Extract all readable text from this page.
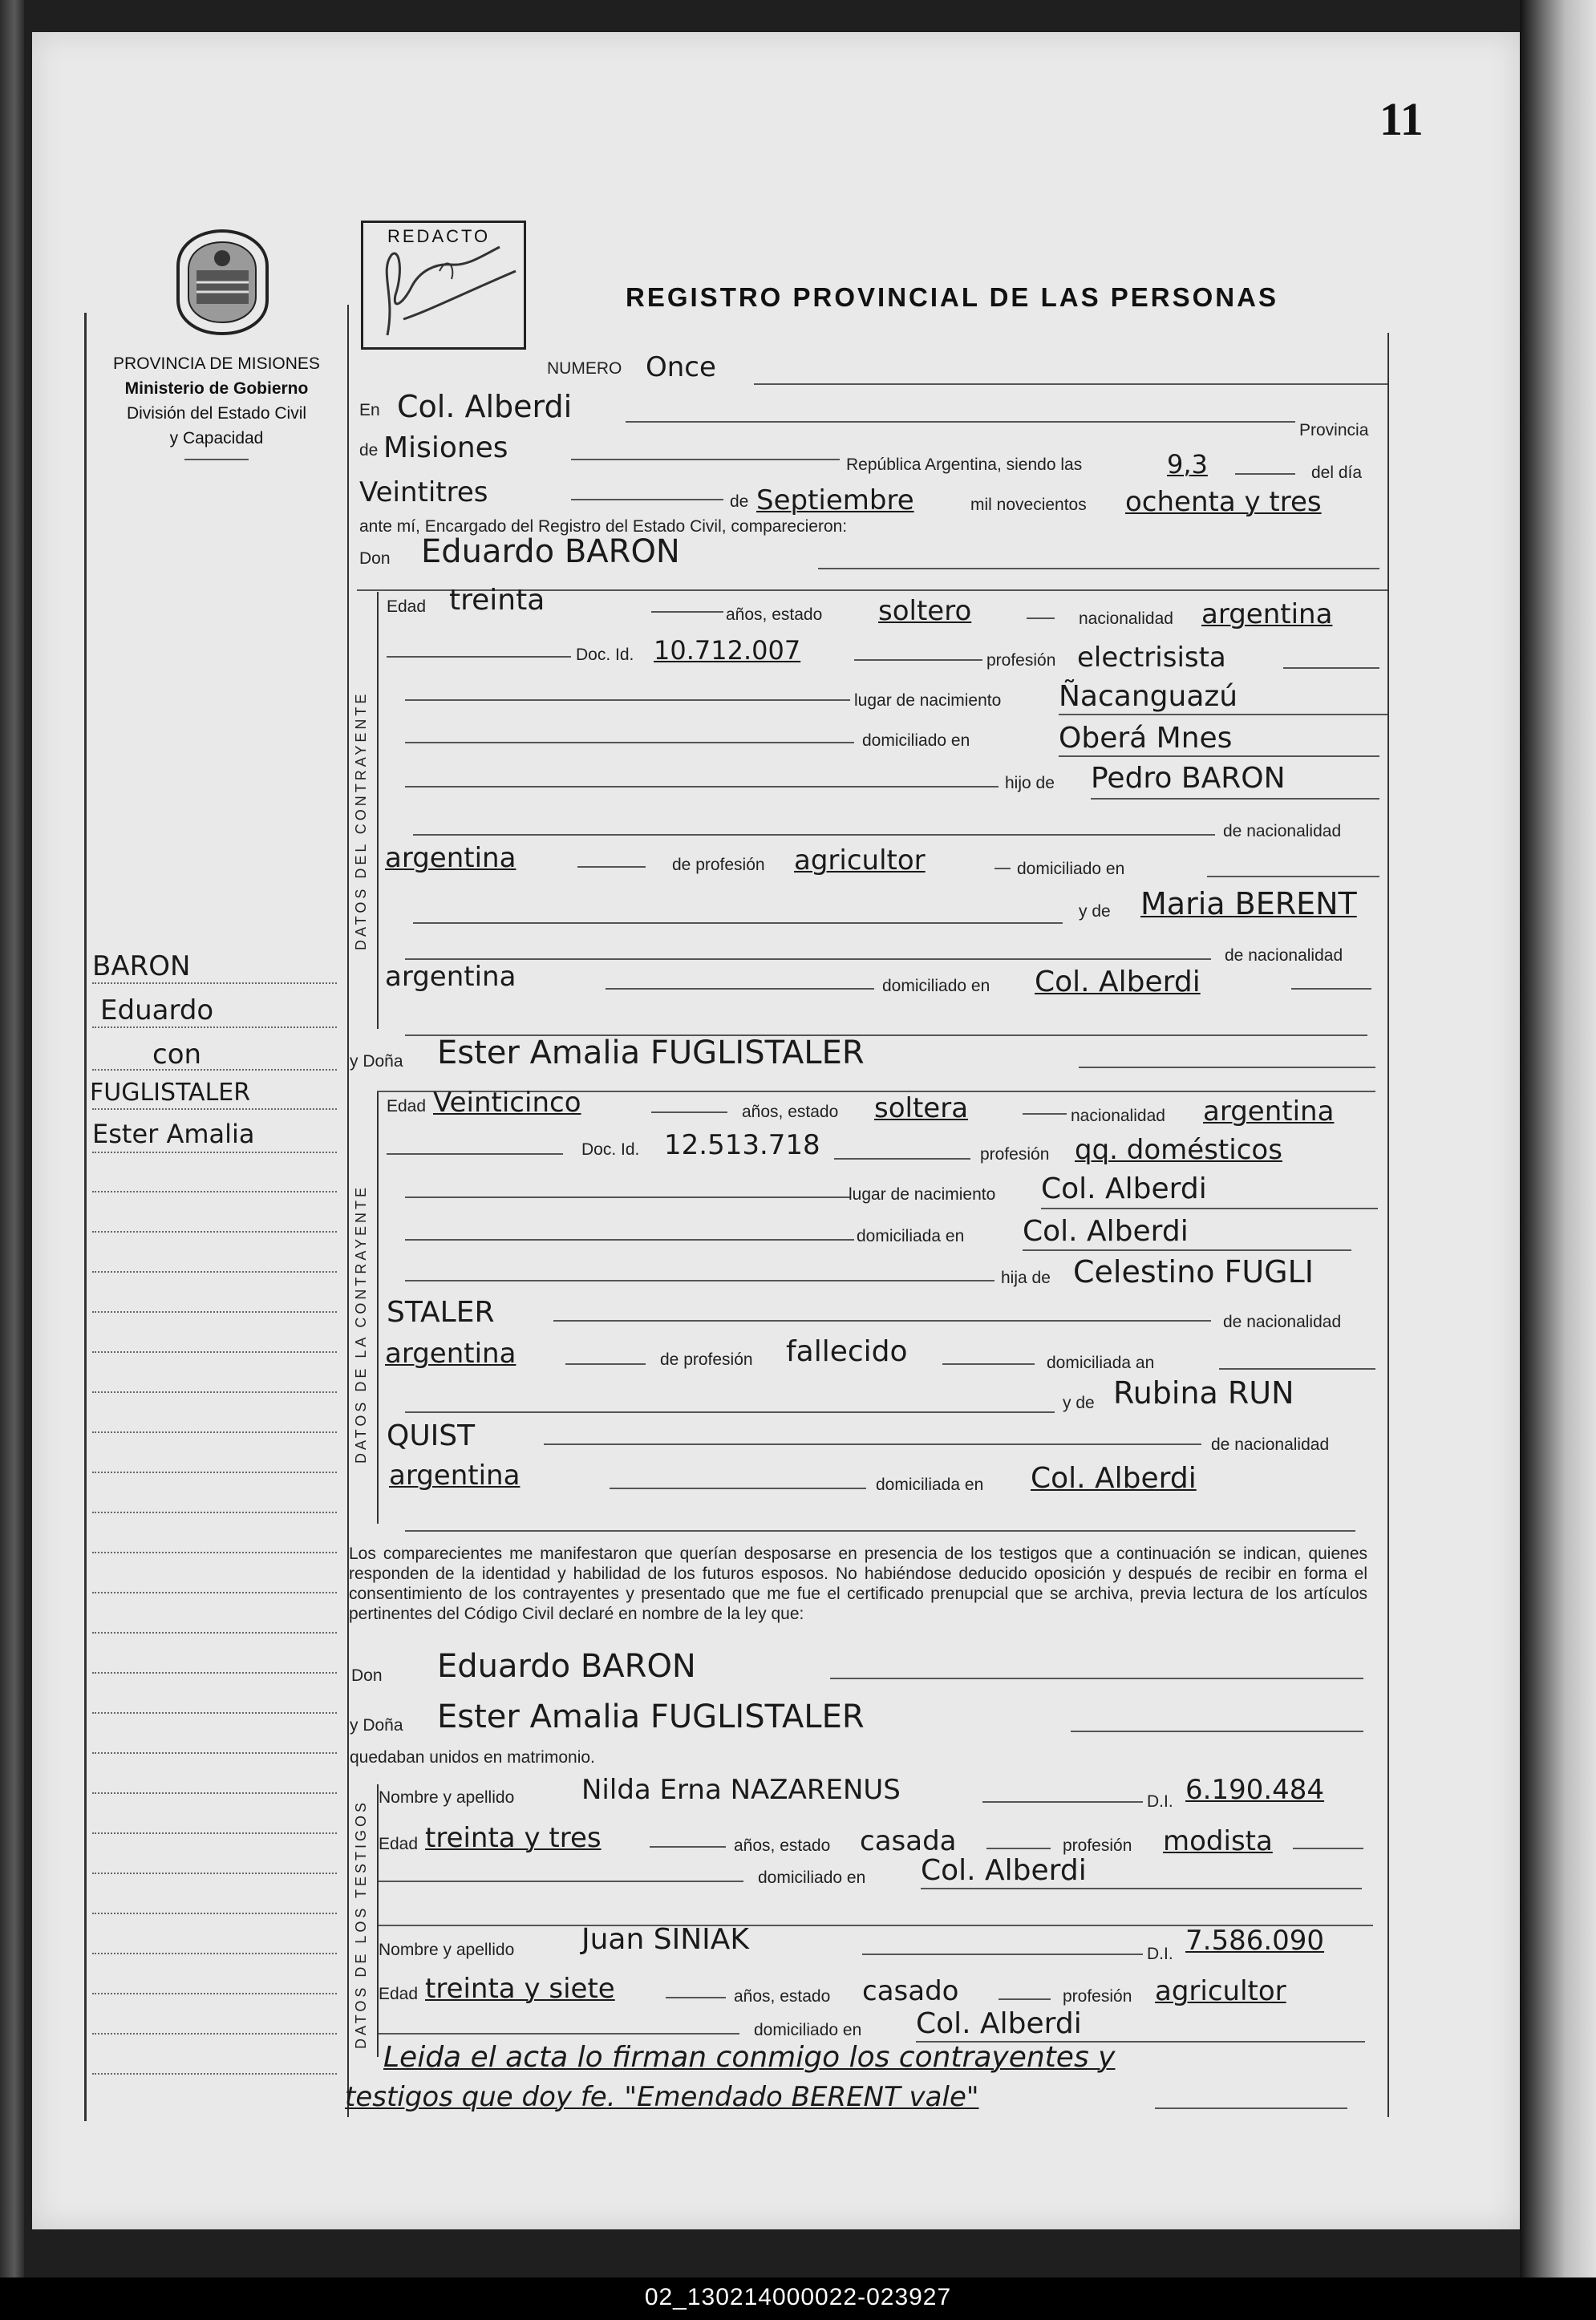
11
PROVINCIA DE MISIONES
Ministerio de Gobierno
División del Estado Civil
y Capacidad
REDACTO
REGISTRO PROVINCIAL DE LAS PERSONAS
NUMERO Once
En Col. Alberdi
Provincia
de Misiones
República Argentina, siendo las	9,3	del día
Veintitres	de Septiembre	mil novecientos ochenta y tres
ante mí, Encargado del Registro del Estado Civil, comparecieron:
Don Eduardo BARON
DATOS DEL CONTRAYENTE
Edad treinta	años, estado soltero	nacionalidad argentina
Doc. Id. 10.712.007	profesión electrisista
lugar de nacimiento Ñacanguazú
domiciliado en	Oberá Mnes
hijo de Pedro BARON
de nacionalidad
argentina	de profesión agricultor	domiciliado en
y de Maria BERENT
de nacionalidad
argentina	domiciliado en Col. Alberdi
y Doña Ester Amalia FUGLISTALER
DATOS DE LA CONTRAYENTE
Edad Veinticinco	años, estado soltera	nacionalidad argentina
Doc. Id. 12.513.718	profesión qq. domésticos
lugar de nacimiento Col. Alberdi
domiciliada en Col. Alberdi
hija de Celestino FUGLI
STALER	de nacionalidad
argentina	de profesión fallecido	domiciliada an
y de Rubina RUN
QUIST	de nacionalidad
argentina	domiciliada en Col. Alberdi
Los comparecientes me manifestaron que querían desposarse en presencia de los testigos que a continuación se indican, quienes responden de la identidad y habilidad de los futuros esposos. No habiéndose deducido oposición y después de recibir en forma el consentimiento de los contrayentes y presentado que me fue el certificado prenupcial que se archiva, previa lectura de los artículos pertinentes del Código Civil declaré en nombre de la ley que:
Don Eduardo BARON
y Doña Ester Amalia FUGLISTALER
quedaban unidos en matrimonio.
DATOS DE LOS TESTIGOS
Nombre y apellido Nilda Erna NAZARENUS	D.I. 6.190.484
Edad treinta y tres	años, estado casada	profesión modista
domiciliado en Col. Alberdi
Nombre y apellido Juan SINIAK	D.I. 7.586.090
Edad treinta y siete	años, estado casado	profesión agricultor
domiciliado en Col. Alberdi
Leida el acta lo firman conmigo los contrayentes y
testigos que doy fe. "Emendado BERENT vale"
BARON
Eduardo
con
FUGLISTALER
Ester Amalia
02_130214000022-023927
